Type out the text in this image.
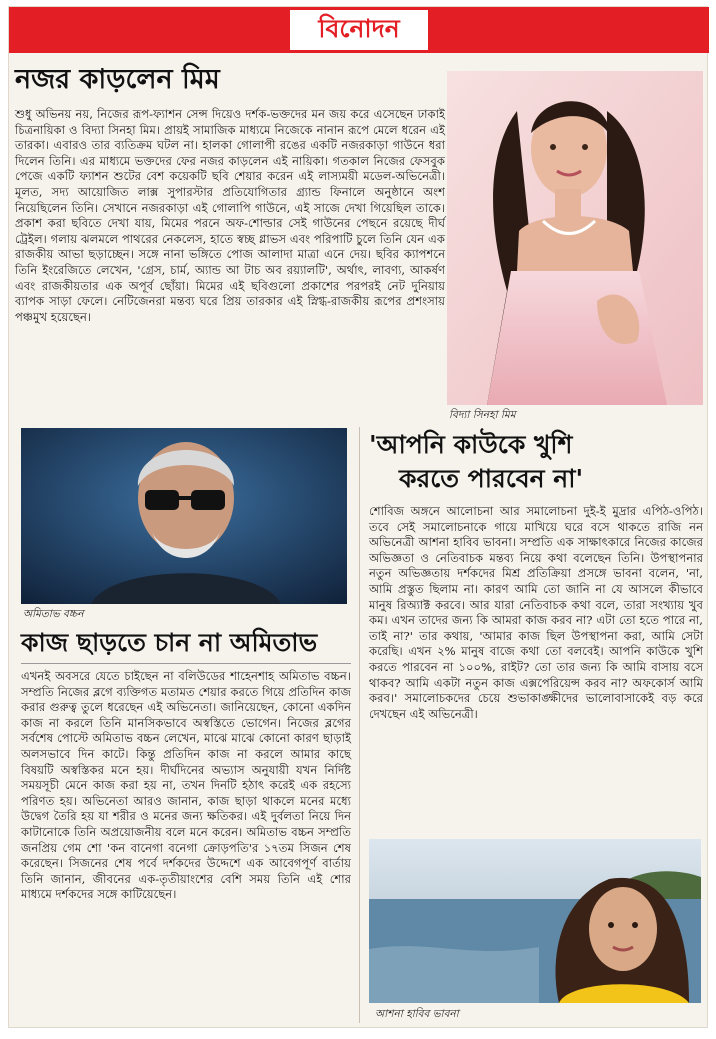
বিনোদন
নজর কাড়লেন মিম
শুধু অভিনয় নয়, নিজের রূপ-ফ্যাশন সেন্স দিয়েও দর্শক-ভক্তদের মন জয় করে এসেছেন ঢাকাই চিত্রনায়িকা ও বিদ্যা সিনহা মিম। প্রায়ই সামাজিক মাধ্যমে নিজেকে নানান রূপে মেলে ধরেন এই তারকা। এবারও তার ব্যতিক্রম ঘটল না। হালকা গোলাপী রঙের একটি নজরকাড়া গাউনে ধরা দিলেন তিনি। এর মাধ্যমে ভক্তদের ফের নজর কাড়লেন এই নায়িকা। গতকাল নিজের ফেসবুক পেজে একটি ফ্যাশন শুটের বেশ কয়েকটি ছবি শেয়ার করেন এই লাস্যময়ী মডেল-অভিনেত্রী। মূলত, সদ্য আয়োজিত লাক্স সুপারস্টার প্রতিযোগিতার গ্র্যান্ড ফিনালে অনুষ্ঠানে অংশ নিয়েছিলেন তিনি। সেখানে নজরকাড়া এই গোলাপি গাউনে, এই সাজে দেখা গিয়েছিল তাকে। প্রকাশ করা ছবিতে দেখা যায়, মিমের পরনে অফ-শোল্ডার সেই গাউনের পেছনে রয়েছে দীর্ঘ ট্রেইল। গলায় ঝলমলে পাথরের নেকলেস, হাতে স্বচ্ছ গ্লাভস এবং পরিপাটি চুলে তিনি যেন এক রাজকীয় আভা ছড়াচ্ছেন। সঙ্গে নানা ভঙ্গিতে পোজ আলাদা মাত্রা এনে দেয়। ছবির ক্যাপশনে তিনি ইংরেজিতে লেখেন, 'গ্রেস, চার্ম, অ্যান্ড আ টাচ অব রয়্যালটি', অর্থাৎ, লাবণ্য, আকর্ষণ এবং রাজকীয়তার এক অপূর্ব ছোঁয়া। মিমের এই ছবিগুলো প্রকাশের পরপরই নেট দুনিয়ায় ব্যাপক সাড়া ফেলে। নেটিজেনরা মন্তব্য ঘরে প্রিয় তারকার এই স্নিগ্ধ-রাজকীয় রূপের প্রশংসায় পঞ্চমুখ হয়েছেন।
বিদ্যা সিনহা মিম
অমিতাভ বচ্চন
কাজ ছাড়তে চান না অমিতাভ
এখনই অবসরে যেতে চাইছেন না বলিউডের শাহেনশাহ অমিতাভ বচ্চন। সম্প্রতি নিজের ব্লগে ব্যক্তিগত মতামত শেয়ার করতে গিয়ে প্রতিদিন কাজ করার গুরুত্ব তুলে ধরেছেন এই অভিনেতা। জানিয়েছেন, কোনো একদিন কাজ না করলে তিনি মানসিকভাবে অস্বস্তিতে ভোগেন। নিজের ব্লগের সর্বশেষ পোস্টে অমিতাভ বচ্চন লেখেন, মাঝে মাঝে কোনো কারণ ছাড়াই অলসভাবে দিন কাটে। কিন্তু প্রতিদিন কাজ না করলে আমার কাছে বিষয়টি অস্বস্তিকর মনে হয়। দীর্ঘদিনের অভ্যাস অনুযায়ী যখন নির্দিষ্ট সময়সূচী মেনে কাজ করা হয় না, তখন দিনটি হঠাৎ করেই এক রহস্যে পরিণত হয়। অভিনেতা আরও জানান, কাজ ছাড়া থাকলে মনের মধ্যে উদ্বেগ তৈরি হয় যা শরীর ও মনের জন্য ক্ষতিকর। এই দুর্বলতা নিয়ে দিন কাটানোকে তিনি অপ্রয়োজনীয় বলে মনে করেন। অমিতাভ বচ্চন সম্প্রতি জনপ্রিয় গেম শো 'কন বানেগা বনেগা ক্রোড়পতি'র ১৭তম সিজন শেষ করেছেন। সিজনের শেষ পর্বে দর্শকদের উদ্দেশে এক আবেগপূর্ণ বার্তায় তিনি জানান, জীবনের এক-তৃতীয়াংশের বেশি সময় তিনি এই শোর মাধ্যমে দর্শকদের সঙ্গে কাটিয়েছেন।
'আপনি কাউকে খুশি
করতে পারবেন না'
শোবিজ অঙ্গনে আলোচনা আর সমালোচনা দুই-ই মুদ্রার এপিঠ-ওপিঠ। তবে সেই সমালোচনাকে গায়ে মাখিয়ে ঘরে বসে থাকতে রাজি নন অভিনেত্রী আশনা হাবিব ভাবনা। সম্প্রতি এক সাক্ষাৎকারে নিজের কাজের অভিজ্ঞতা ও নেতিবাচক মন্তব্য নিয়ে কথা বলেছেন তিনি। উপস্থাপনার নতুন অভিজ্ঞতায় দর্শকদের মিশ্র প্রতিক্রিয়া প্রসঙ্গে ভাবনা বলেন, 'না, আমি প্রস্তুত ছিলাম না। কারণ আমি তো জানি না যে আসলে কীভাবে মানুষ রিঅ্যাক্ট করবে। আর যারা নেতিবাচক কথা বলে, তারা সংখ্যায় খুব কম। এখন তাদের জন্য কি আমরা কাজ করব না? এটা তো হতে পারে না, তাই না?' তার কথায়, 'আমার কাজ ছিল উপস্থাপনা করা, আমি সেটা করেছি। এখন ২% মানুষ বাজে কথা তো বলবেই। আপনি কাউকে খুশি করতে পারবেন না ১০০%, রাইট? তো তার জন্য কি আমি বাসায় বসে থাকব? আমি একটা নতুন কাজ এক্সপেরিয়েন্স করব না? অফকোর্স আমি করব।' সমালোচকদের চেয়ে শুভাকাঙ্ক্ষীদের ভালোবাসাকেই বড় করে দেখছেন এই অভিনেত্রী।
আশনা হাবিব ভাবনা
